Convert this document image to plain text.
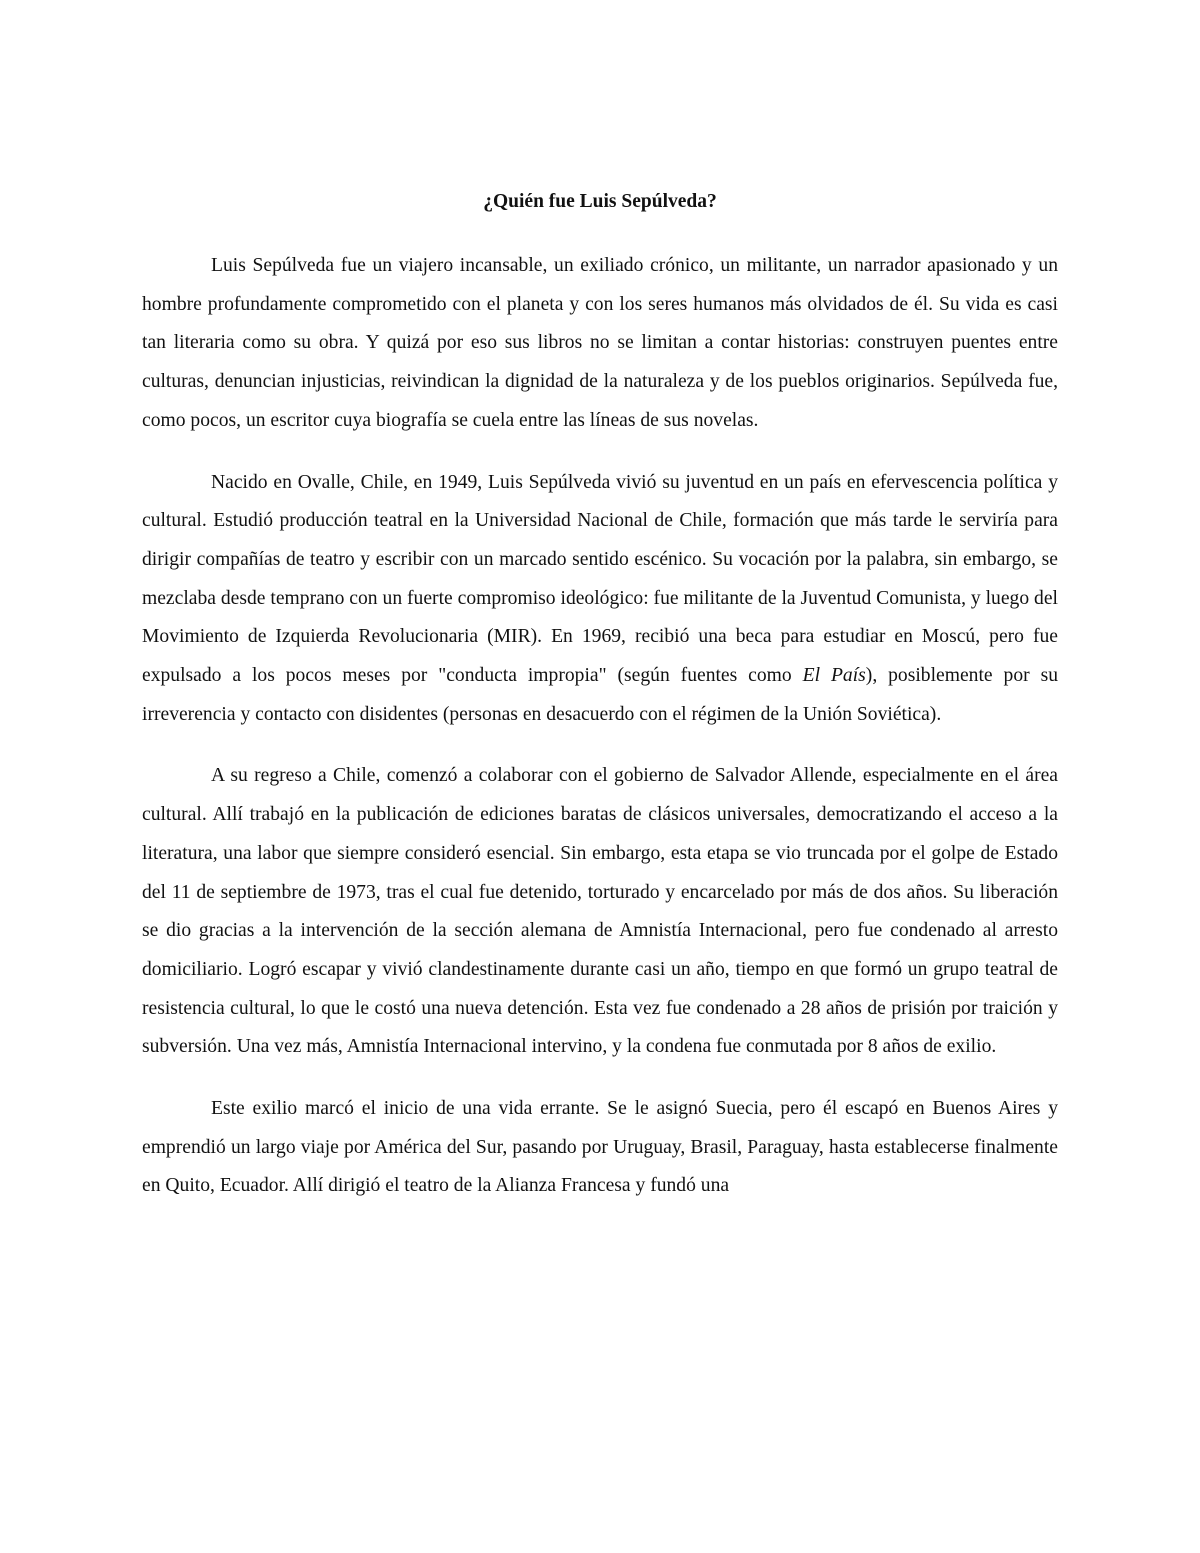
¿Quién fue Luis Sepúlveda?

Luis Sepúlveda fue un viajero incansable, un exiliado crónico, un militante, un narrador apasionado y un hombre profundamente comprometido con el planeta y con los seres humanos más olvidados de él. Su vida es casi tan literaria como su obra. Y quizá por eso sus libros no se limitan a contar historias: construyen puentes entre culturas, denuncian injusticias, reivindican la dignidad de la naturaleza y de los pueblos originarios. Sepúlveda fue, como pocos, un escritor cuya biografía se cuela entre las líneas de sus novelas.

Nacido en Ovalle, Chile, en 1949, Luis Sepúlveda vivió su juventud en un país en efervescencia política y cultural. Estudió producción teatral en la Universidad Nacional de Chile, formación que más tarde le serviría para dirigir compañías de teatro y escribir con un marcado sentido escénico. Su vocación por la palabra, sin embargo, se mezclaba desde temprano con un fuerte compromiso ideológico: fue militante de la Juventud Comunista, y luego del Movimiento de Izquierda Revolucionaria (MIR). En 1969, recibió una beca para estudiar en Moscú, pero fue expulsado a los pocos meses por "conducta impropia" (según fuentes como El País), posiblemente por su irreverencia y contacto con disidentes (personas en desacuerdo con el régimen de la Unión Soviética).

A su regreso a Chile, comenzó a colaborar con el gobierno de Salvador Allende, especialmente en el área cultural. Allí trabajó en la publicación de ediciones baratas de clásicos universales, democratizando el acceso a la literatura, una labor que siempre consideró esencial. Sin embargo, esta etapa se vio truncada por el golpe de Estado del 11 de septiembre de 1973, tras el cual fue detenido, torturado y encarcelado por más de dos años. Su liberación se dio gracias a la intervención de la sección alemana de Amnistía Internacional, pero fue condenado al arresto domiciliario. Logró escapar y vivió clandestinamente durante casi un año, tiempo en que formó un grupo teatral de resistencia cultural, lo que le costó una nueva detención. Esta vez fue condenado a 28 años de prisión por traición y subversión. Una vez más, Amnistía Internacional intervino, y la condena fue conmutada por 8 años de exilio.

Este exilio marcó el inicio de una vida errante. Se le asignó Suecia, pero él escapó en Buenos Aires y emprendió un largo viaje por América del Sur, pasando por Uruguay, Brasil, Paraguay, hasta establecerse finalmente en Quito, Ecuador. Allí dirigió el teatro de la Alianza Francesa y fundó una
